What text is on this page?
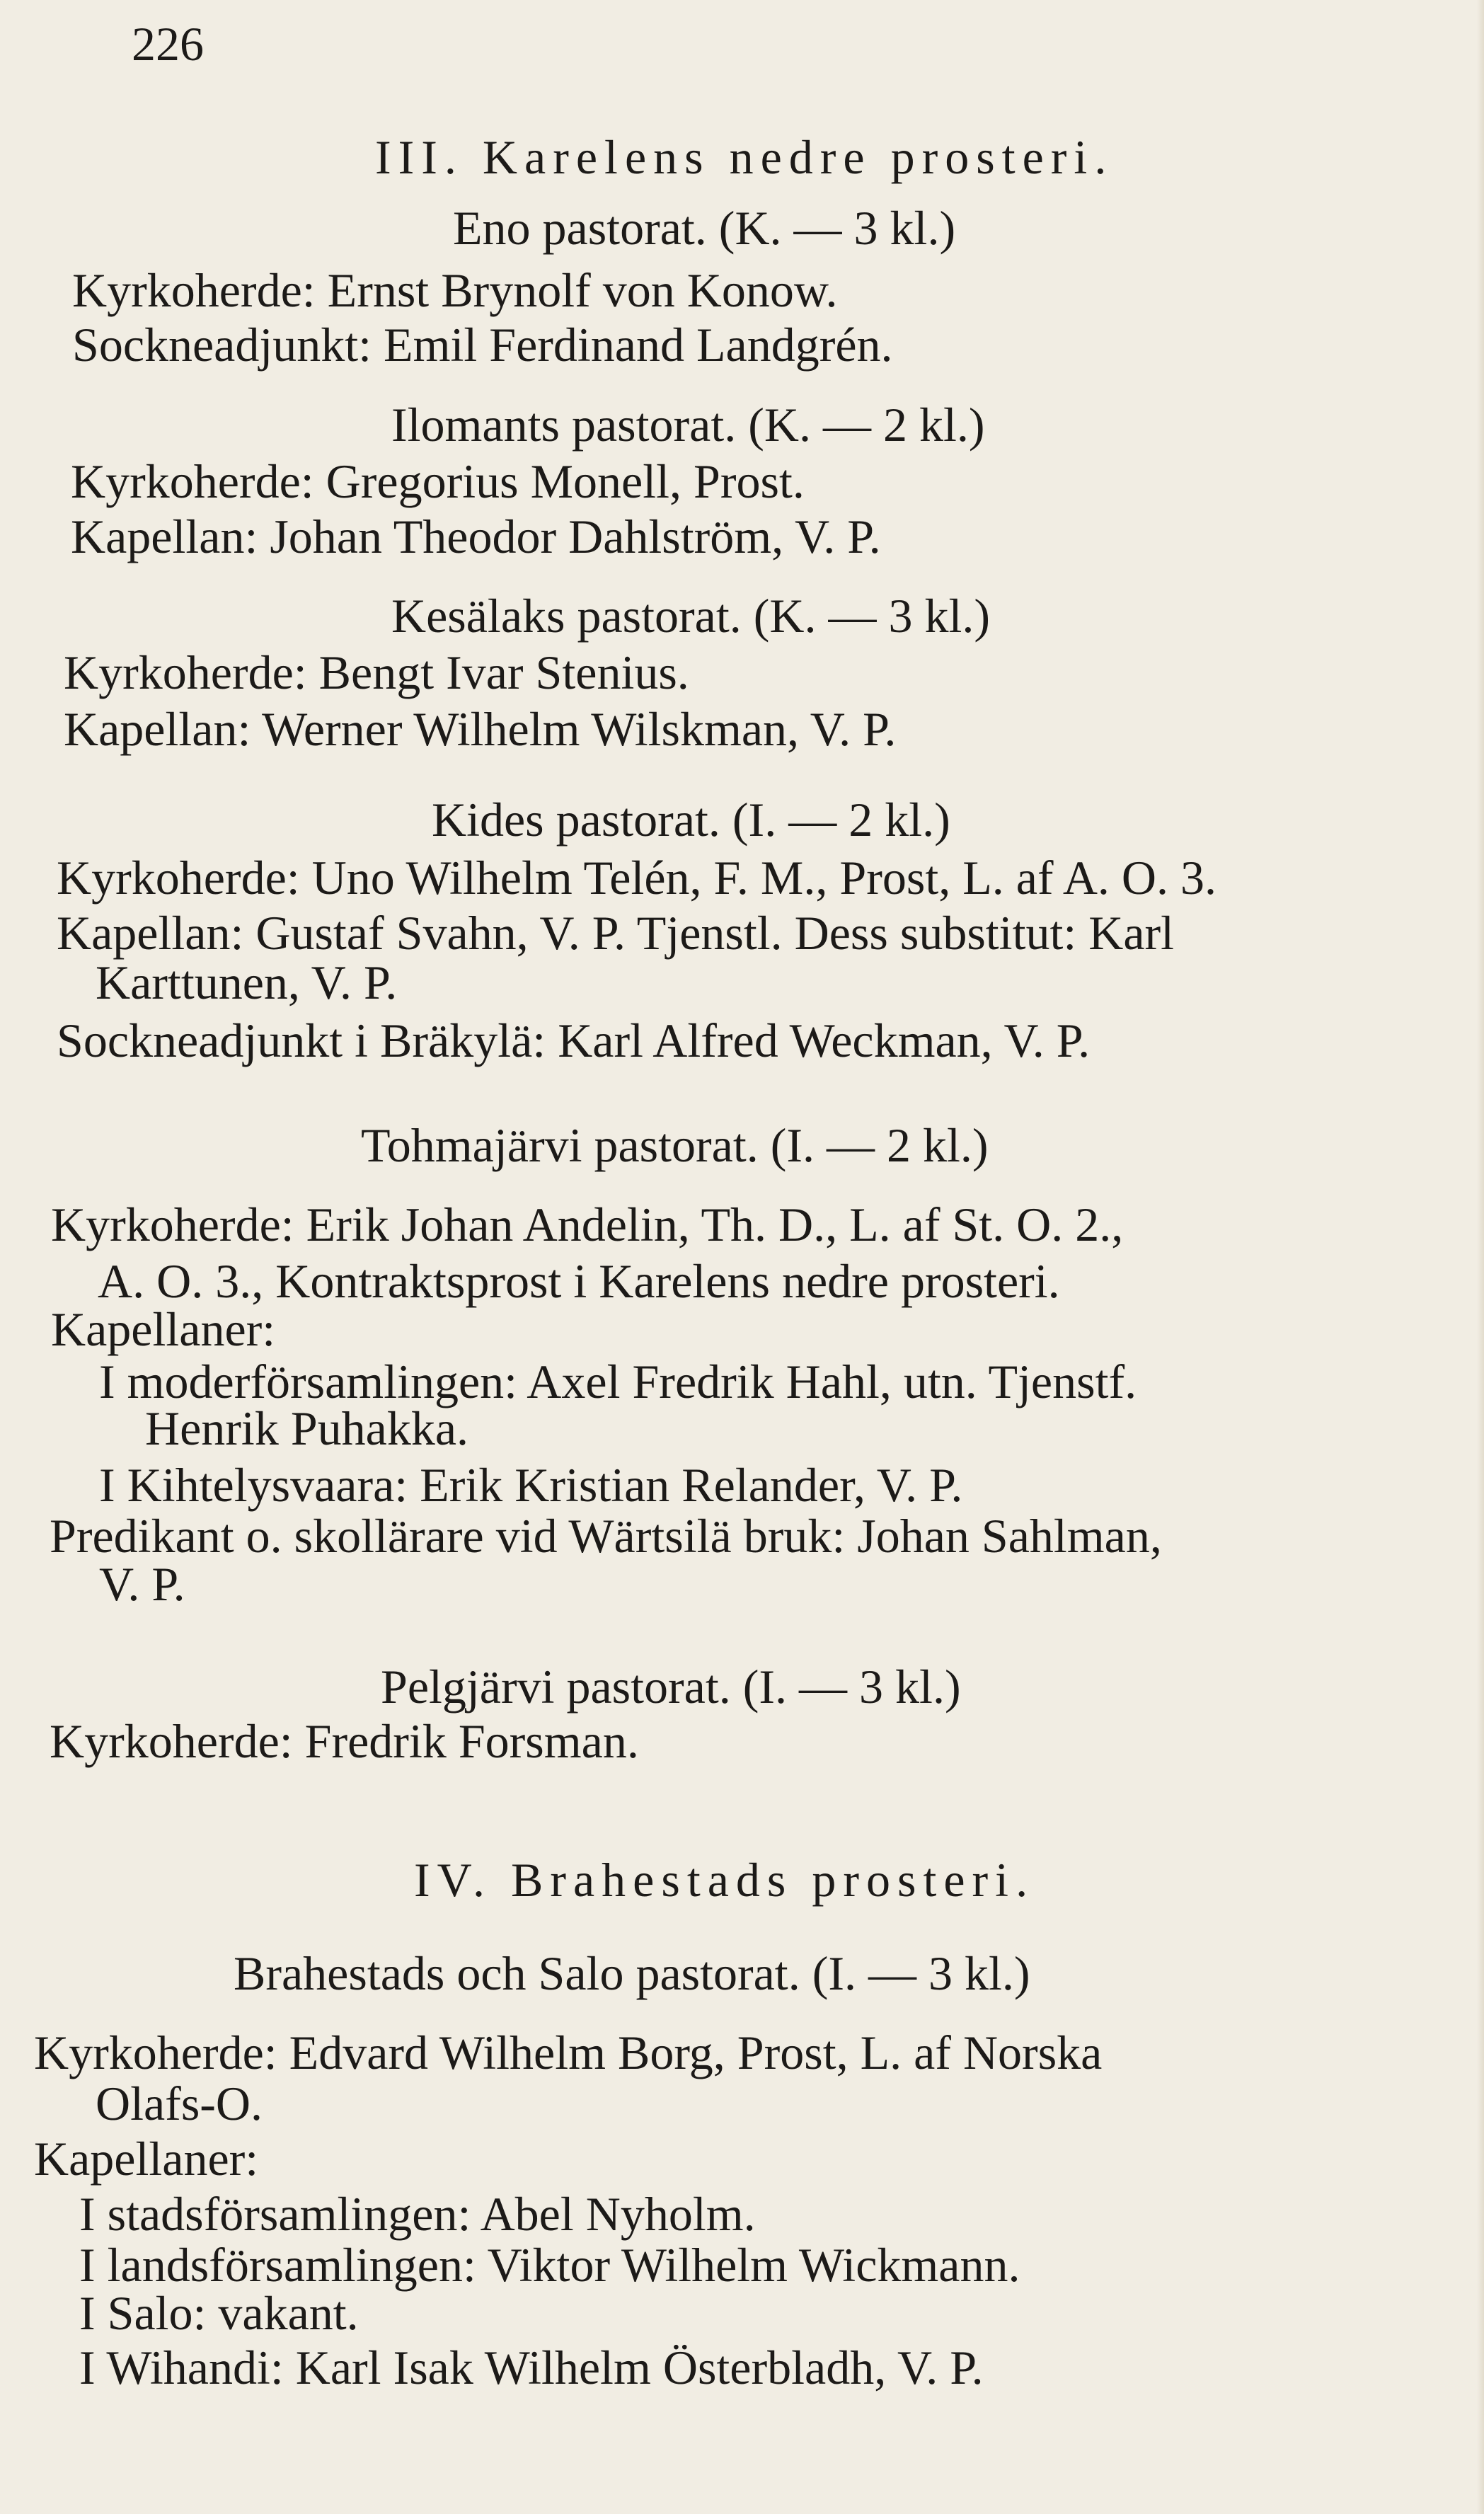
226
III. Karelens nedre prosteri.
Eno pastorat. (K. — 3 kl.)
Kyrkoherde: Ernst Brynolf von Konow.
Sockneadjunkt: Emil Ferdinand Landgrén.
Ilomants pastorat. (K. — 2 kl.)
Kyrkoherde: Gregorius Monell, Prost.
Kapellan: Johan Theodor Dahlström, V. P.
Kesälaks pastorat. (K. — 3 kl.)
Kyrkoherde: Bengt Ivar Stenius.
Kapellan: Werner Wilhelm Wilskman, V. P.
Kides pastorat. (I. — 2 kl.)
Kyrkoherde: Uno Wilhelm Telén, F. M., Prost, L. af A. O. 3.
Kapellan: Gustaf Svahn, V. P. Tjenstl. Dess substitut: Karl
Karttunen, V. P.
Sockneadjunkt i Bräkylä: Karl Alfred Weckman, V. P.
Tohmajärvi pastorat. (I. — 2 kl.)
Kyrkoherde: Erik Johan Andelin, Th. D., L. af St. O. 2.,
A. O. 3., Kontraktsprost i Karelens nedre prosteri.
Kapellaner:
I moderförsamlingen: Axel Fredrik Hahl, utn. Tjenstf.
Henrik Puhakka.
I Kihtelysvaara: Erik Kristian Relander, V. P.
Predikant o. skollärare vid Wärtsilä bruk: Johan Sahlman,
V. P.
Pelgjärvi pastorat. (I. — 3 kl.)
Kyrkoherde: Fredrik Forsman.
IV. Brahestads prosteri.
Brahestads och Salo pastorat. (I. — 3 kl.)
Kyrkoherde: Edvard Wilhelm Borg, Prost, L. af Norska
Olafs-O.
Kapellaner:
I stadsförsamlingen: Abel Nyholm.
I landsförsamlingen: Viktor Wilhelm Wickmann.
I Salo: vakant.
I Wihandi: Karl Isak Wilhelm Österbladh, V. P.
